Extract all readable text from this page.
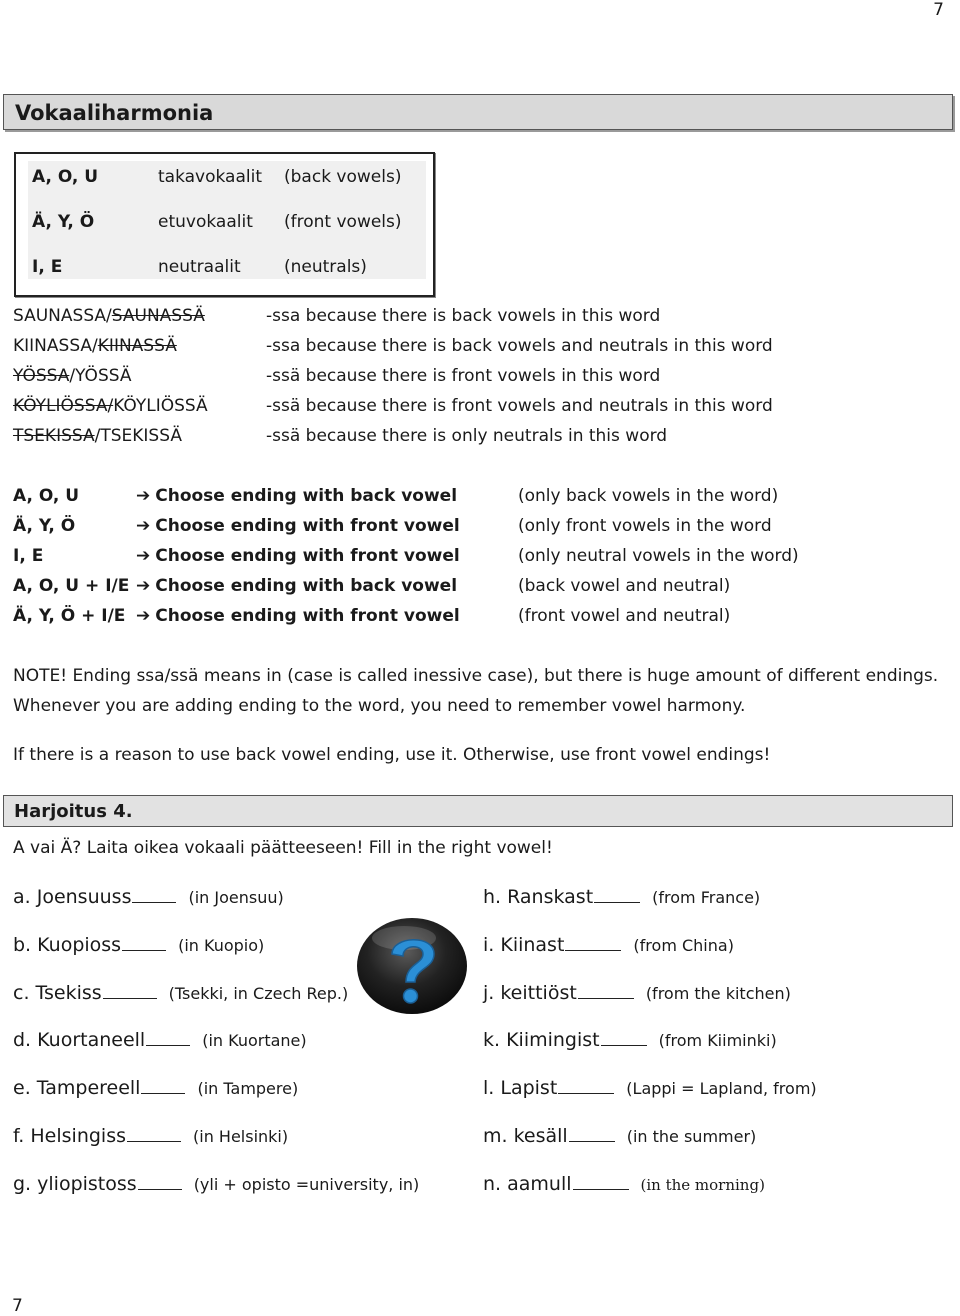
7
Vokaaliharmonia
A, O, U	takavokaalit (back vowels)
Ä, Y, Ö	etuvokaalit (front vowels)
I, E	neutraalit	(neutrals)
SAUNASSA/SAUNASSÄ	-ssa because there is back vowels in this word
KIINASSA/KIINASSÄ	-ssa because there is back vowels and neutrals in this word
YÖSSA/YÖSSÄ	-ssä because there is front vowels in this word
KÖYLIÖSSA/KÖYLIÖSSÄ	-ssä because there is front vowels and neutrals in this word
TSEKISSA/TSEKISSÄ	-ssä because there is only neutrals in this word
A, O, U	➔ Choose ending with back vowel	(only back vowels in the word)
Ä, Y, Ö	➔ Choose ending with front vowel	(only front vowels in the word
I, E	➔ Choose ending with front vowel	(only neutral vowels in the word)
A, O, U + I/E ➔ Choose ending with back vowel	(back vowel and neutral)
Ä, Y, Ö + I/E ➔ Choose ending with front vowel	(front vowel and neutral)
NOTE! Ending ssa/ssä means in (case is called inessive case), but there is huge amount of different endings.
Whenever you are adding ending to the word, you need to remember vowel harmony.
If there is a reason to use back vowel ending, use it. Otherwise, use front vowel endings!
Harjoitus 4.
A vai Ä? Laita oikea vokaali päätteeseen! Fill in the right vowel!
a. Joensuuss	(in Joensuu)
b. Kuopioss	(in Kuopio)
c. Tsekiss	(Tsekki, in Czech Rep.)
d. Kuortaneell	(in Kuortane)
e. Tampereell	(in Tampere)
f. Helsingiss	(in Helsinki)
g. yliopistoss	(yli + opisto =university, in)
h. Ranskast	(from France)
i. Kiinast	(from China)
j. keittiöst	(from the kitchen)
k. Kiimingist	(from Kiiminki)
l. Lapist	(Lappi = Lapland, from)
m. kesäll	(in the summer)
n. aamull	(in the morning)
7
